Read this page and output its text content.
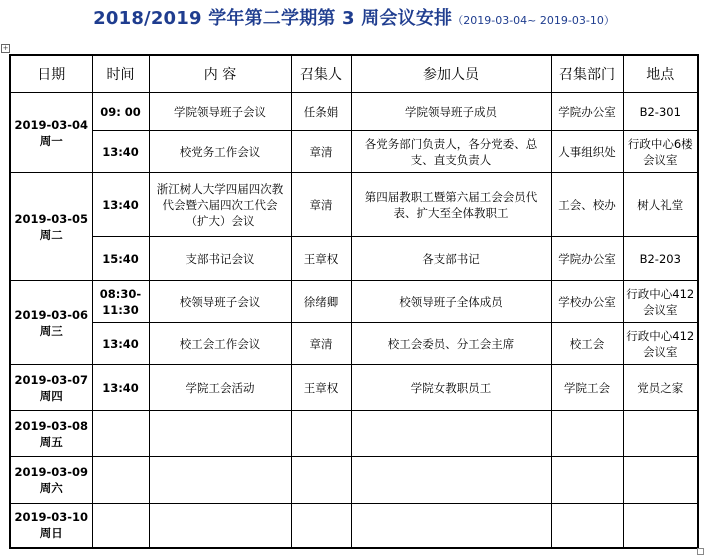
2018/2019 学年第二学期第 3 周会议安排（2019-03-04~ 2019-03-10）
+
日期	时间	内 容	召集人	参加人员	召集部门	地点

2019-03-04
周一	09: 00	学院领导班子会议	任条娟	学院领导班子成员	学院办公室	B2-301
	13:40	校党务工作会议	章清	各党务部门负责人，各分党委、总支、直支负责人	人事组织处	行政中心6楼会议室

2019-03-05
周二	13:40	浙江树人大学四届四次教代会暨六届四次工代会（扩大）会议	章清	第四届教职工暨第六届工会会员代表、扩大至全体教职工	工会、校办	树人礼堂
	15:40	支部书记会议	王章权	各支部书记	学院办公室	B2-203

2019-03-06
周三	08:30-11:30	校领导班子会议	徐绪卿	校领导班子全体成员	学校办公室	行政中心412 会议室
	13:40	校工会工作会议	章清	校工会委员、分工会主席	校工会	行政中心412 会议室

2019-03-07
周四	13:40	学院工会活动	王章权	学院女教职员工	学院工会	党员之家

2019-03-08
周五						

2019-03-09
周六						

2019-03-10
周日						
